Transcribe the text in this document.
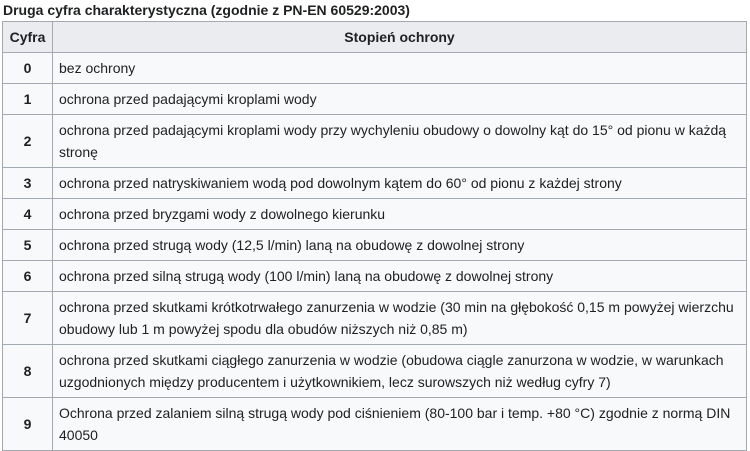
Druga cyfra charakterystyczna (zgodnie z PN-EN 60529:2003)
Cyfra	Stopień ochrony
0	bez ochrony
1	ochrona przed padającymi kroplami wody
2	ochrona przed padającymi kroplami wody przy wychyleniu obudowy o dowolny kąt do 15° od pionu w każdą stronę
3	ochrona przed natryskiwaniem wodą pod dowolnym kątem do 60° od pionu z każdej strony
4	ochrona przed bryzgami wody z dowolnego kierunku
5	ochrona przed strugą wody (12,5 l/min) laną na obudowę z dowolnej strony
6	ochrona przed silną strugą wody (100 l/min) laną na obudowę z dowolnej strony
7	ochrona przed skutkami krótkotrwałego zanurzenia w wodzie (30 min na głębokość 0,15 m powyżej wierzchu obudowy lub 1 m powyżej spodu dla obudów niższych niż 0,85 m)
8	ochrona przed skutkami ciągłego zanurzenia w wodzie (obudowa ciągle zanurzona w wodzie, w warunkach uzgodnionych między producentem i użytkownikiem, lecz surowszych niż według cyfry 7)
9	Ochrona przed zalaniem silną strugą wody pod ciśnieniem (80-100 bar i temp. +80 °C) zgodnie z normą DIN 40050
